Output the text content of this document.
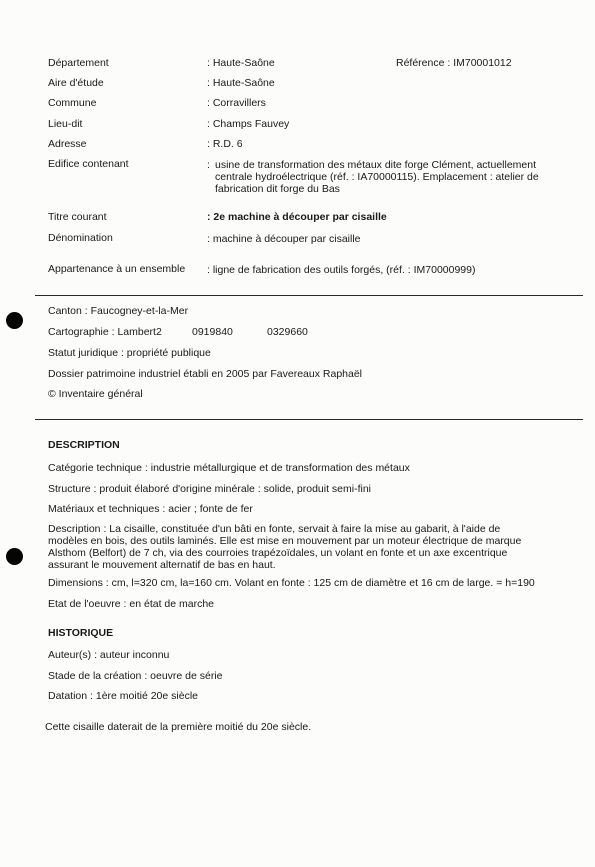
Département	: Haute-Saône	Référence : IM70001012
Aire d'étude	: Haute-Saône
Commune	: Corravillers
Lieu-dit	: Champs Fauvey
Adresse	: R.D. 6
Edifice contenant	: usine de transformation des métaux dite forge Clément, actuellement centrale hydroélectrique (réf. : IA70000115). Emplacement : atelier de fabrication dit forge du Bas
Titre courant	: 2e machine à découper par cisaille
Dénomination	: machine à découper par cisaille
Appartenance à un ensemble : ligne de fabrication des outils forgés, (réf. : IM70000999)
Canton : Faucogney-et-la-Mer
Cartographie : Lambert2	0919840	0329660
Statut juridique : propriété publique
Dossier patrimoine industriel établi en 2005 par Favereaux Raphaël
© Inventaire général
DESCRIPTION
Catégorie technique : industrie métallurgique et de transformation des métaux
Structure : produit élaboré d'origine minérale : solide, produit semi-fini
Matériaux et techniques : acier ; fonte de fer
Description : La cisaille, constituée d'un bâti en fonte, servait à faire la mise au gabarit, à l'aide de modèles en bois, des outils laminés. Elle est mise en mouvement par un moteur électrique de marque Alsthom (Belfort) de 7 ch, via des courroies trapézoïdales, un volant en fonte et un axe excentrique assurant le mouvement alternatif de bas en haut.
Dimensions : cm, l=320 cm, la=160 cm. Volant en fonte : 125 cm de diamètre et 16 cm de large. = h=190
Etat de l'oeuvre : en état de marche
HISTORIQUE
Auteur(s) : auteur inconnu
Stade de la création : oeuvre de série
Datation : 1ère moitié 20e siècle
Cette cisaille daterait de la première moitié du 20e siècle.
